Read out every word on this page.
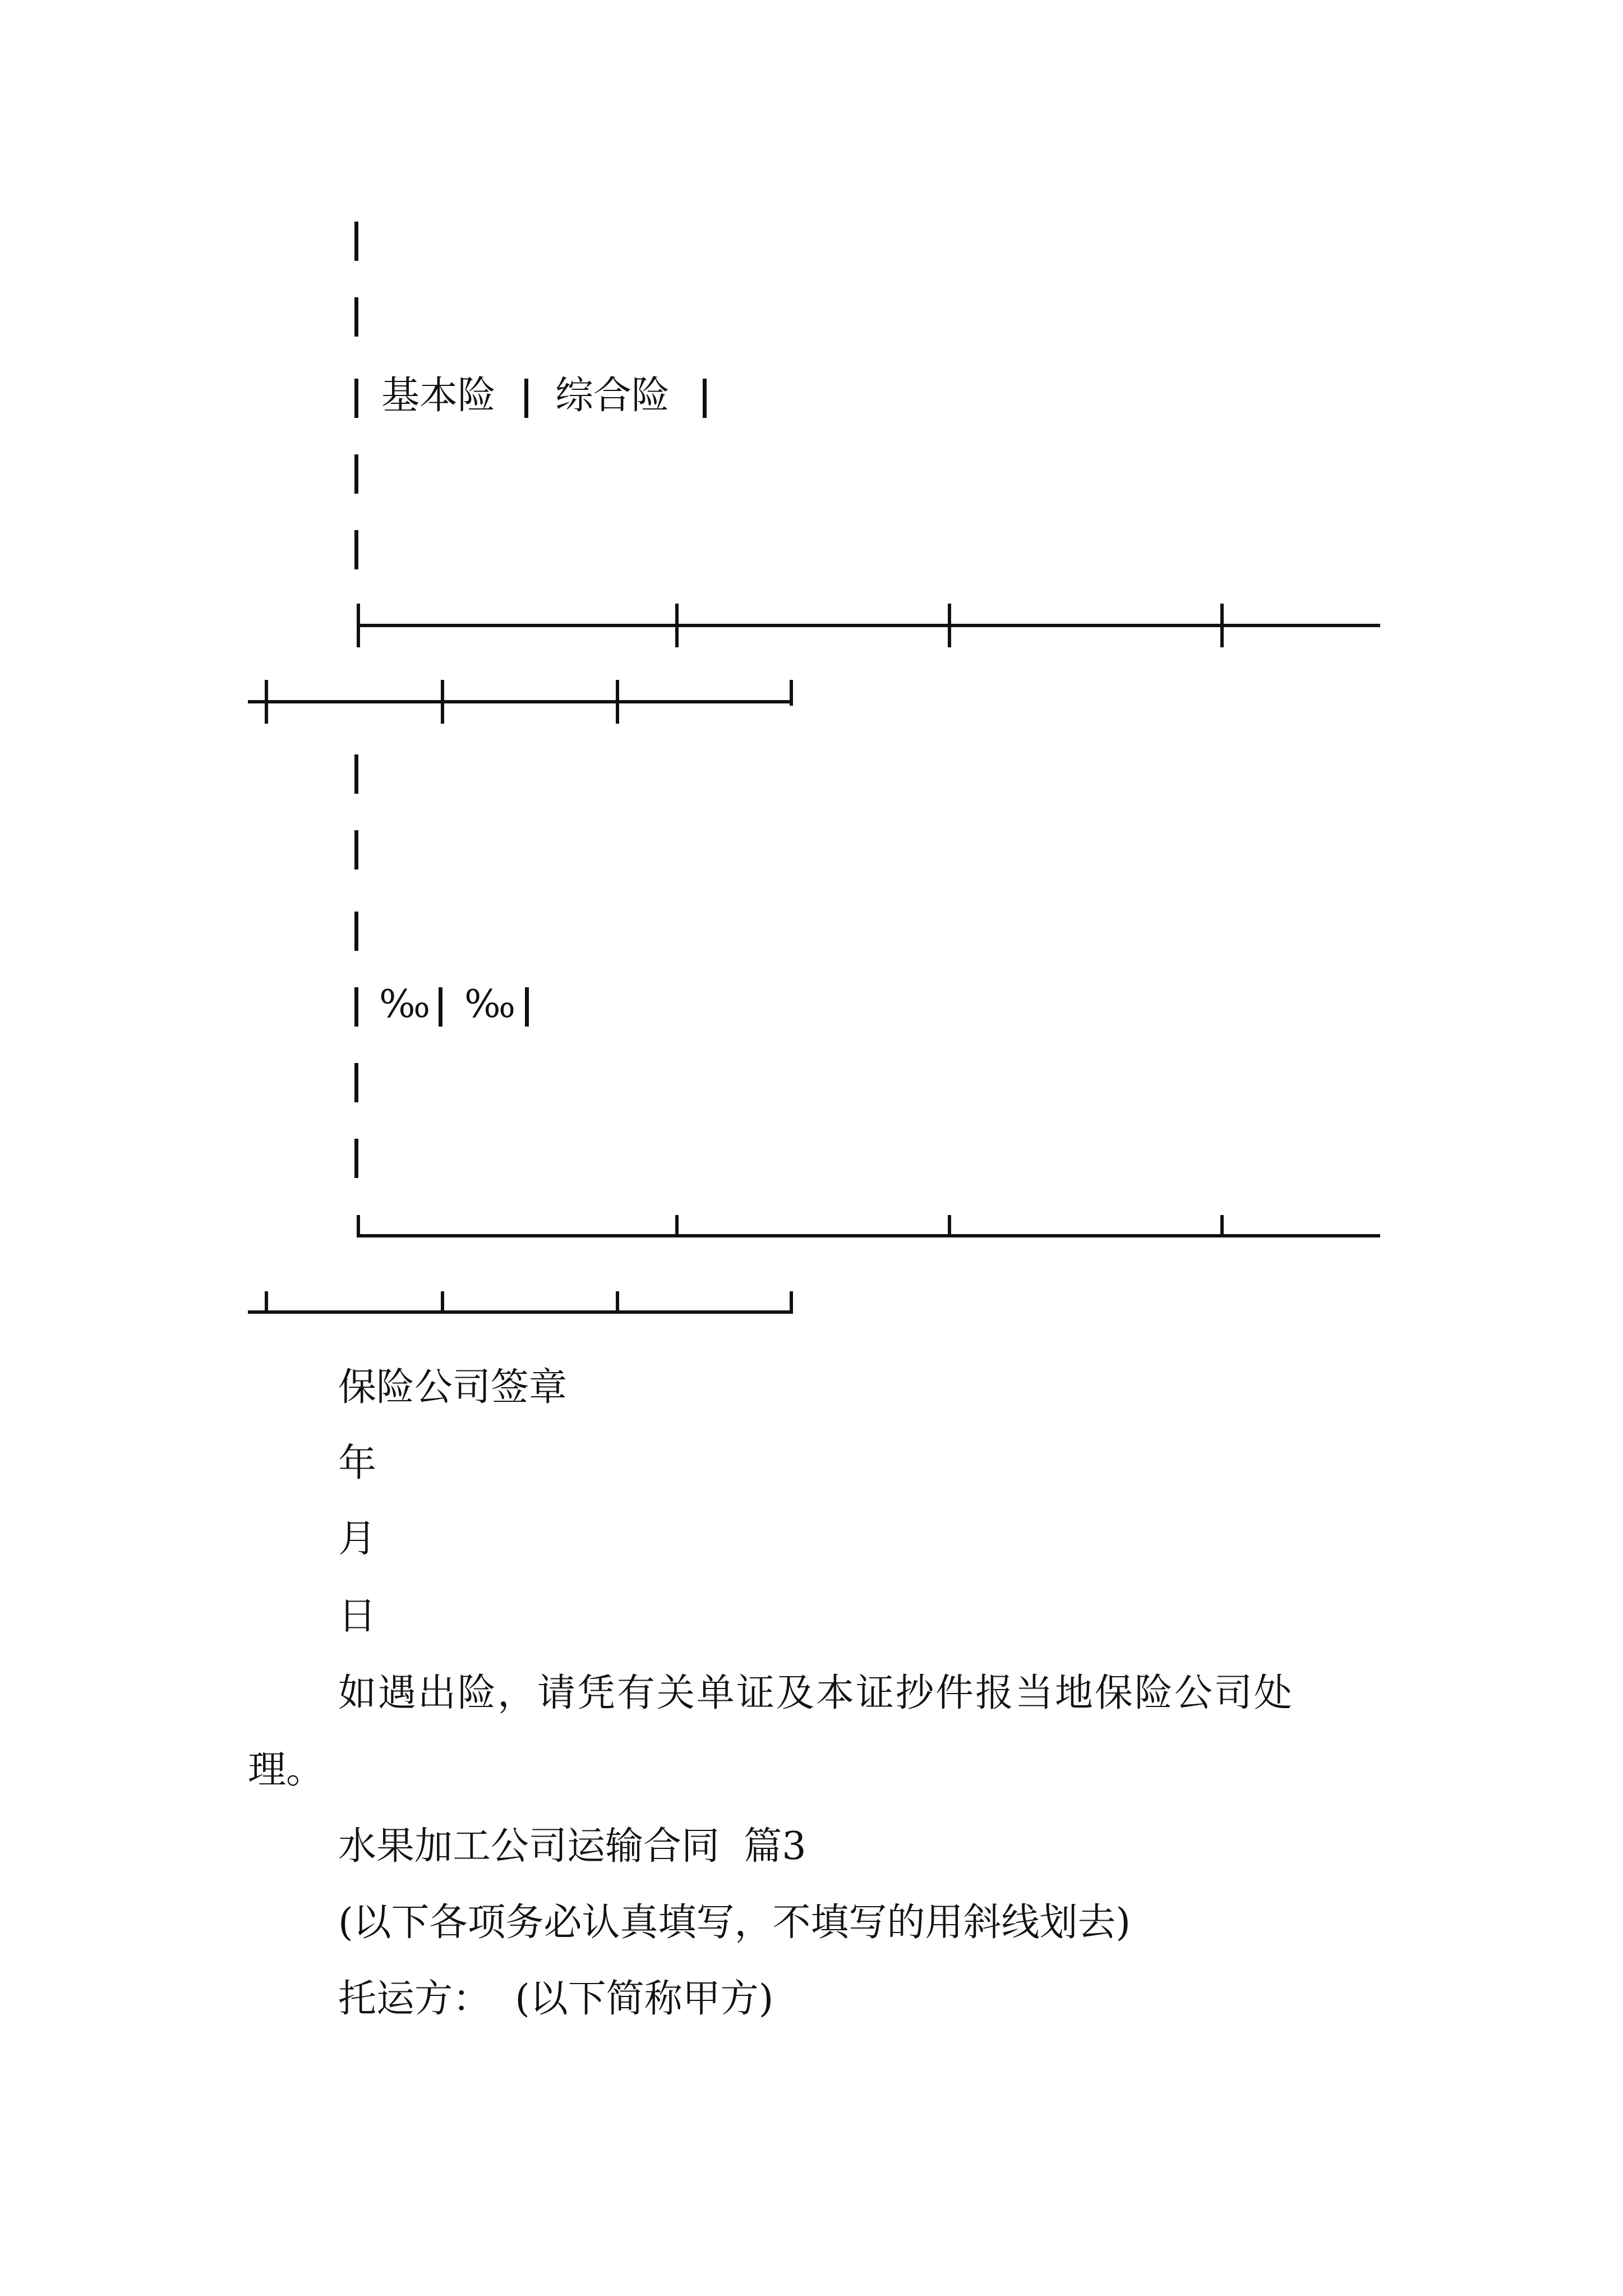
基本险 综合险
‰ ‰
保险公司签章
年
月
日
如遇出险，请凭有关单证及本证抄件报当地保险公司处
理。
水果加工公司运输合同  篇3
(以下各项务必认真填写，不填写的用斜线划去)
托运方：  (以下简称甲方)
